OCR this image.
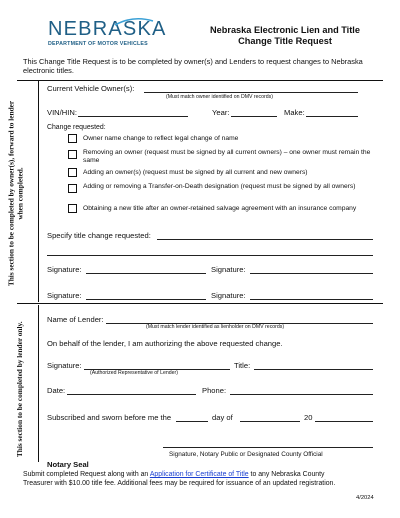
NEBRASKA
DEPARTMENT OF MOTOR VEHICLES
Nebraska Electronic Lien and Title
Change Title Request
This Change Title Request is to be completed by owner(s) and Lenders to request changes to Nebraska electronic titles.
This section to be completed by owner(s), forward to lender when completed.
Current Vehicle Owner(s):
(Must match owner identified on DMV records)
VIN/HIN:	Year:	Make:
Change requested:
Owner name change to reflect legal change of name
Removing an owner (request must be signed by all current owners) – one owner must remain the same
Adding an owner(s) (request must be signed by all current and new owners)
Adding or removing a Transfer-on-Death designation (request must be signed by all owners)
Obtaining a new title after an owner-retained salvage agreement with an insurance company
Specify title change requested:
Signature:	Signature:
Signature:	Signature:
This section to be completed by lender only.
Name of Lender:
(Must match lender identified as lienholder on DMV records)
On behalf of the lender, I am authorizing the above requested change.
Signature:
(Authorized Representative of Lender)
Title:
Date:	Phone:
Subscribed and sworn before me the	day of	20
Signature, Notary Public or Designated County Official
Notary Seal
Submit completed Request along with an Application for Certificate of Title to any Nebraska County
Treasurer with $10.00 title fee. Additional fees may be required for issuance of an updated registration.
4/2024
